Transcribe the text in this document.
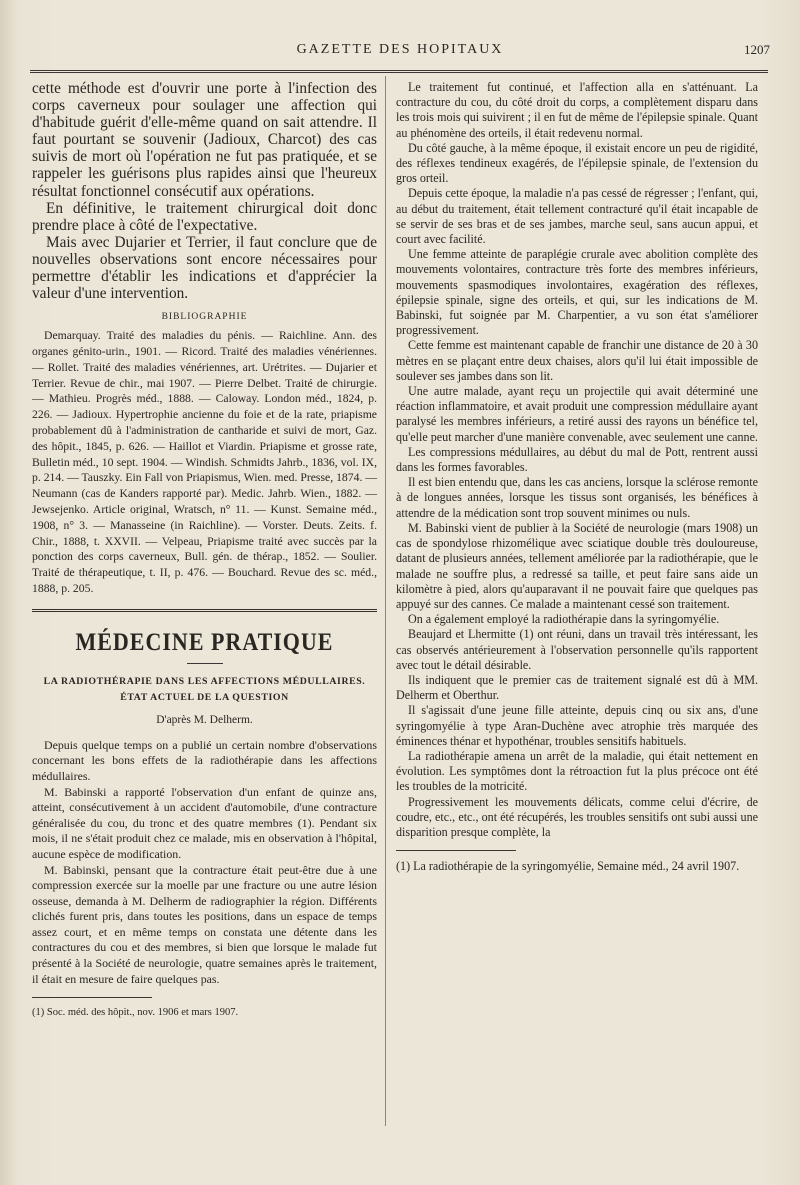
GAZETTE DES HOPITAUX	1207

cette méthode est d'ouvrir une porte à l'infection des corps caverneux pour soulager une affection qui d'habitude guérit d'elle-même quand on sait attendre. Il faut pourtant se souvenir (Jadioux, Charcot) des cas suivis de mort où l'opération ne fut pas pratiquée, et se rappeler les guérisons plus rapides ainsi que l'heureux résultat fonctionnel consécutif aux opérations.

En définitive, le traitement chirurgical doit donc prendre place à côté de l'expectative.

Mais avec Dujarier et Terrier, il faut conclure que de nouvelles observations sont encore nécessaires pour permettre d'établir les indications et d'apprécier la valeur d'une intervention.

BIBLIOGRAPHIE

Demarquay. Traité des maladies du pénis. — Raichline. Ann. des organes génito-urin., 1901. — Ricord. Traité des maladies vénériennes. — Rollet. Traité des maladies vénériennes, art. Urétrites. — Dujarier et Terrier. Revue de chir., mai 1907. — Pierre Delbet. Traité de chirurgie. — Mathieu. Progrès méd., 1888. — Caloway. London méd., 1824, p. 226. — Jadioux. Hypertrophie ancienne du foie et de la rate, priapisme probablement dû à l'administration de cantharide et suivi de mort, Gaz. des hôpit., 1845, p. 626. — Haillot et Viardin. Priapisme et grosse rate, Bulletin méd., 10 sept. 1904. — Windish. Schmidts Jahrb., 1836, vol. IX, p. 214. — Tauszky. Ein Fall von Priapismus, Wien. med. Presse, 1874. — Neumann (cas de Kanders rapporté par). Medic. Jahrb. Wien., 1882. — Jewsejenko. Article original, Wratsch, n° 11. — Kunst. Semaine méd., 1908, n° 3. — Manasseine (in Raichline). — Vorster. Deuts. Zeits. f. Chir., 1888, t. XXVII. — Velpeau, Priapisme traité avec succès par la ponction des corps caverneux, Bull. gén. de thérap., 1852. — Soulier. Traité de thérapeutique, t. II, p. 476. — Bouchard. Revue des sc. méd., 1888, p. 205.

MÉDECINE PRATIQUE
LA RADIOTHÉRAPIE DANS LES AFFECTIONS MÉDULLAIRES.
ÉTAT ACTUEL DE LA QUESTION
D'après M. Delherm.

Depuis quelque temps on a publié un certain nombre d'observations concernant les bons effets de la radiothérapie dans les affections médullaires.

M. Babinski a rapporté l'observation d'un enfant de quinze ans, atteint, consécutivement à un accident d'automobile, d'une contracture généralisée du cou, du tronc et des quatre membres (1). Pendant six mois, il ne s'était produit chez ce malade, mis en observation à l'hôpital, aucune espèce de modification.

M. Babinski, pensant que la contracture était peut-être due à une compression exercée sur la moelle par une fracture ou une autre lésion osseuse, demanda à M. Delherm de radiographier la région. Différents clichés furent pris, dans toutes les positions, dans un espace de temps assez court, et en même temps on constata une détente dans les contractures du cou et des membres, si bien que lorsque le malade fut présenté à la Société de neurologie, quatre semaines après le traitement, il était en mesure de faire quelques pas.

(1) Soc. méd. des hôpit., nov. 1906 et mars 1907.

Le traitement fut continué, et l'affection alla en s'atténuant. La contracture du cou, du côté droit du corps, a complètement disparu dans les trois mois qui suivirent ; il en fut de même de l'épilepsie spinale. Quant au phénomène des orteils, il était redevenu normal.

Du côté gauche, à la même époque, il existait encore un peu de rigidité, des réflexes tendineux exagérés, de l'épilepsie spinale, de l'extension du gros orteil.

Depuis cette époque, la maladie n'a pas cessé de régresser ; l'enfant, qui, au début du traitement, était tellement contracturé qu'il était incapable de se servir de ses bras et de ses jambes, marche seul, sans aucun appui, et court avec facilité.

Une femme atteinte de paraplégie crurale avec abolition complète des mouvements volontaires, contracture très forte des membres inférieurs, mouvements spasmodiques involontaires, exagération des réflexes, épilepsie spinale, signe des orteils, et qui, sur les indications de M. Babinski, fut soignée par M. Charpentier, a vu son état s'améliorer progressivement.

Cette femme est maintenant capable de franchir une distance de 20 à 30 mètres en se plaçant entre deux chaises, alors qu'il lui était impossible de soulever ses jambes dans son lit.

Une autre malade, ayant reçu un projectile qui avait déterminé une réaction inflammatoire, et avait produit une compression médullaire ayant paralysé les membres inférieurs, a retiré aussi des rayons un bénéfice tel, qu'elle peut marcher d'une manière convenable, avec seulement une canne.

Les compressions médullaires, au début du mal de Pott, rentrent aussi dans les formes favorables.

Il est bien entendu que, dans les cas anciens, lorsque la sclérose remonte à de longues années, lorsque les tissus sont organisés, les bénéfices à attendre de la médication sont trop souvent minimes ou nuls.

M. Babinski vient de publier à la Société de neurologie (mars 1908) un cas de spondylose rhizomélique avec sciatique double très douloureuse, datant de plusieurs années, tellement améliorée par la radiothérapie, que le malade ne souffre plus, a redressé sa taille, et peut faire sans aide un kilomètre à pied, alors qu'auparavant il ne pouvait faire que quelques pas appuyé sur des cannes. Ce malade a maintenant cessé son traitement.

On a également employé la radiothérapie dans la syringomyélie.

Beaujard et Lhermitte (1) ont réuni, dans un travail très intéressant, les cas observés antérieurement à l'observation personnelle qu'ils rapportent avec tout le détail désirable.

Ils indiquent que le premier cas de traitement signalé est dû à MM. Delherm et Oberthur.

Il s'agissait d'une jeune fille atteinte, depuis cinq ou six ans, d'une syringomyélie à type Aran-Duchène avec atrophie très marquée des éminences thénar et hypothénar, troubles sensitifs habituels.

La radiothérapie amena un arrêt de la maladie, qui était nettement en évolution. Les symptômes dont la rétroaction fut la plus précoce ont été les troubles de la motricité.

Progressivement les mouvements délicats, comme celui d'écrire, de coudre, etc., etc., ont été récupérés, les troubles sensitifs ont subi aussi une disparition presque complète, la

(1) La radiothérapie de la syringomyélie, Semaine méd., 24 avril 1907.
